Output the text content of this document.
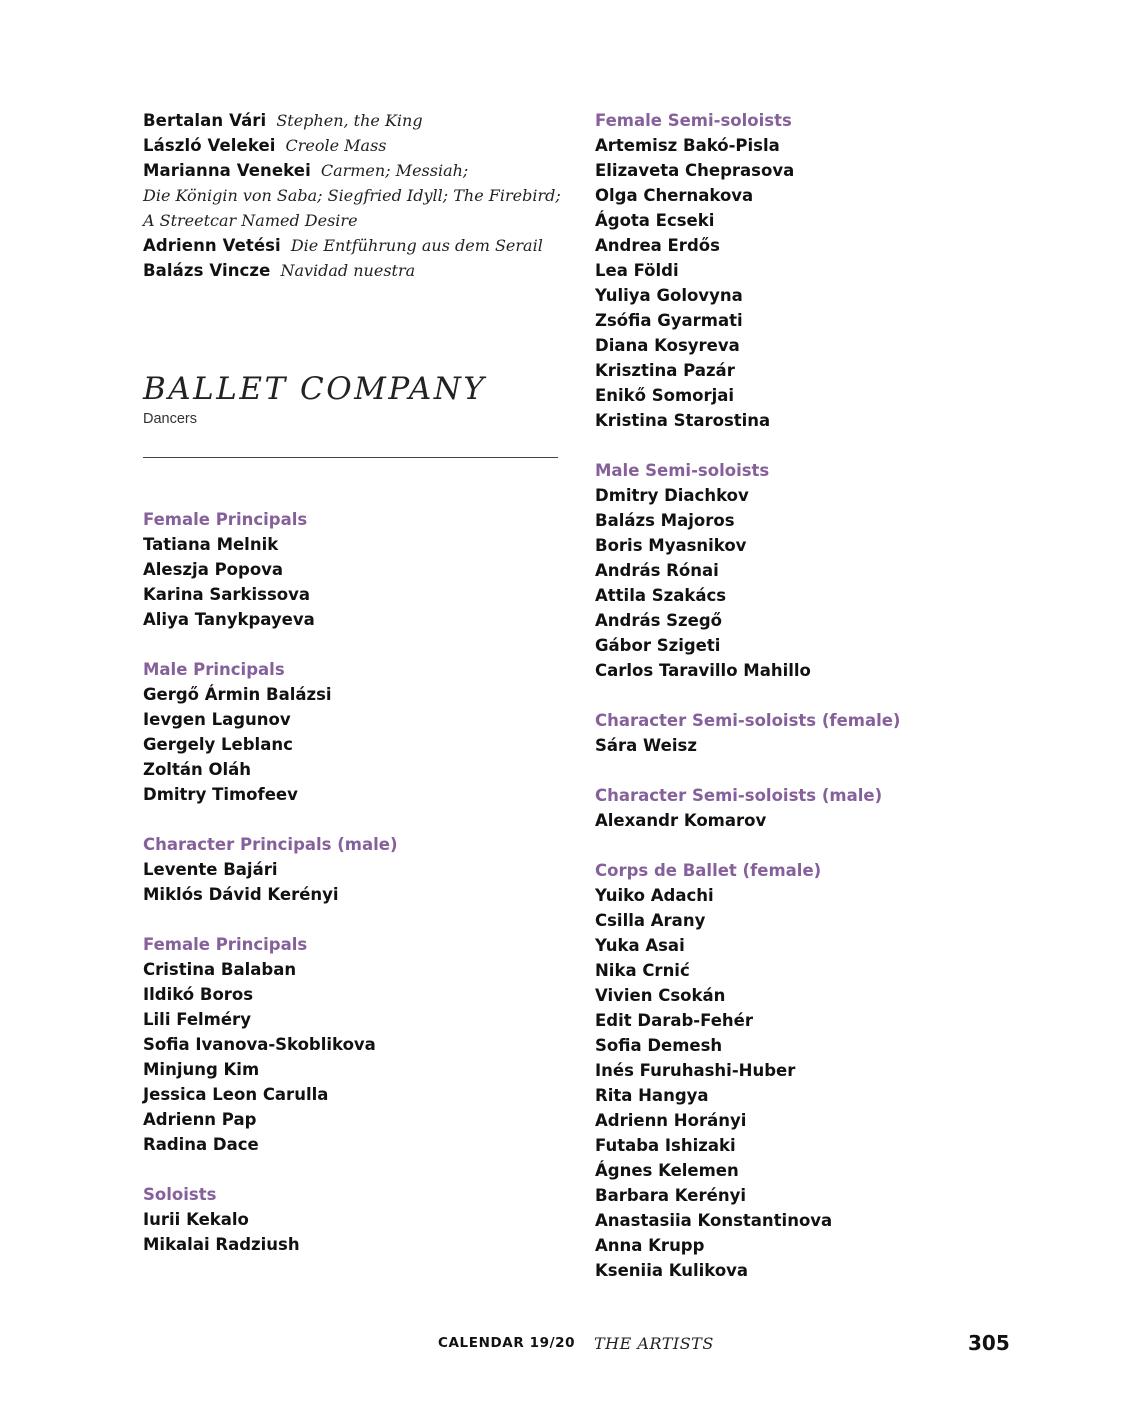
Bertalan Vári Stephen, the King
László Velekei Creole Mass
Marianna Venekei Carmen; Messiah;
Die Königin von Saba; Siegfried Idyll; The Firebird;
A Streetcar Named Desire
Adrienn Vetési Die Entführung aus dem Serail
Balázs Vincze Navidad nuestra
BALLET COMPANY
Dancers
Female Principals
Tatiana Melnik
Aleszja Popova
Karina Sarkissova
Aliya Tanykpayeva
Male Principals
Gergő Ármin Balázsi
Ievgen Lagunov
Gergely Leblanc
Zoltán Oláh
Dmitry Timofeev
Character Principals (male)
Levente Bajári
Miklós Dávid Kerényi
Female Principals
Cristina Balaban
Ildikó Boros
Lili Felméry
Sofia Ivanova-Skoblikova
Minjung Kim
Jessica Leon Carulla
Adrienn Pap
Radina Dace
Soloists
Iurii Kekalo
Mikalai Radziush
Female Semi-soloists
Artemisz Bakó-Pisla
Elizaveta Cheprasova
Olga Chernakova
Ágota Ecseki
Andrea Erdős
Lea Földi
Yuliya Golovyna
Zsófia Gyarmati
Diana Kosyreva
Krisztina Pazár
Enikő Somorjai
Kristina Starostina
Male Semi-soloists
Dmitry Diachkov
Balázs Majoros
Boris Myasnikov
András Rónai
Attila Szakács
András Szegő
Gábor Szigeti
Carlos Taravillo Mahillo
Character Semi-soloists (female)
Sára Weisz
Character Semi-soloists (male)
Alexandr Komarov
Corps de Ballet (female)
Yuiko Adachi
Csilla Arany
Yuka Asai
Nika Crnić
Vivien Csokán
Edit Darab-Fehér
Sofia Demesh
Inés Furuhashi-Huber
Rita Hangya
Adrienn Horányi
Futaba Ishizaki
Ágnes Kelemen
Barbara Kerényi
Anastasiia Konstantinova
Anna Krupp
Kseniia Kulikova
CALENDAR 19/20 THE ARTISTS	305
